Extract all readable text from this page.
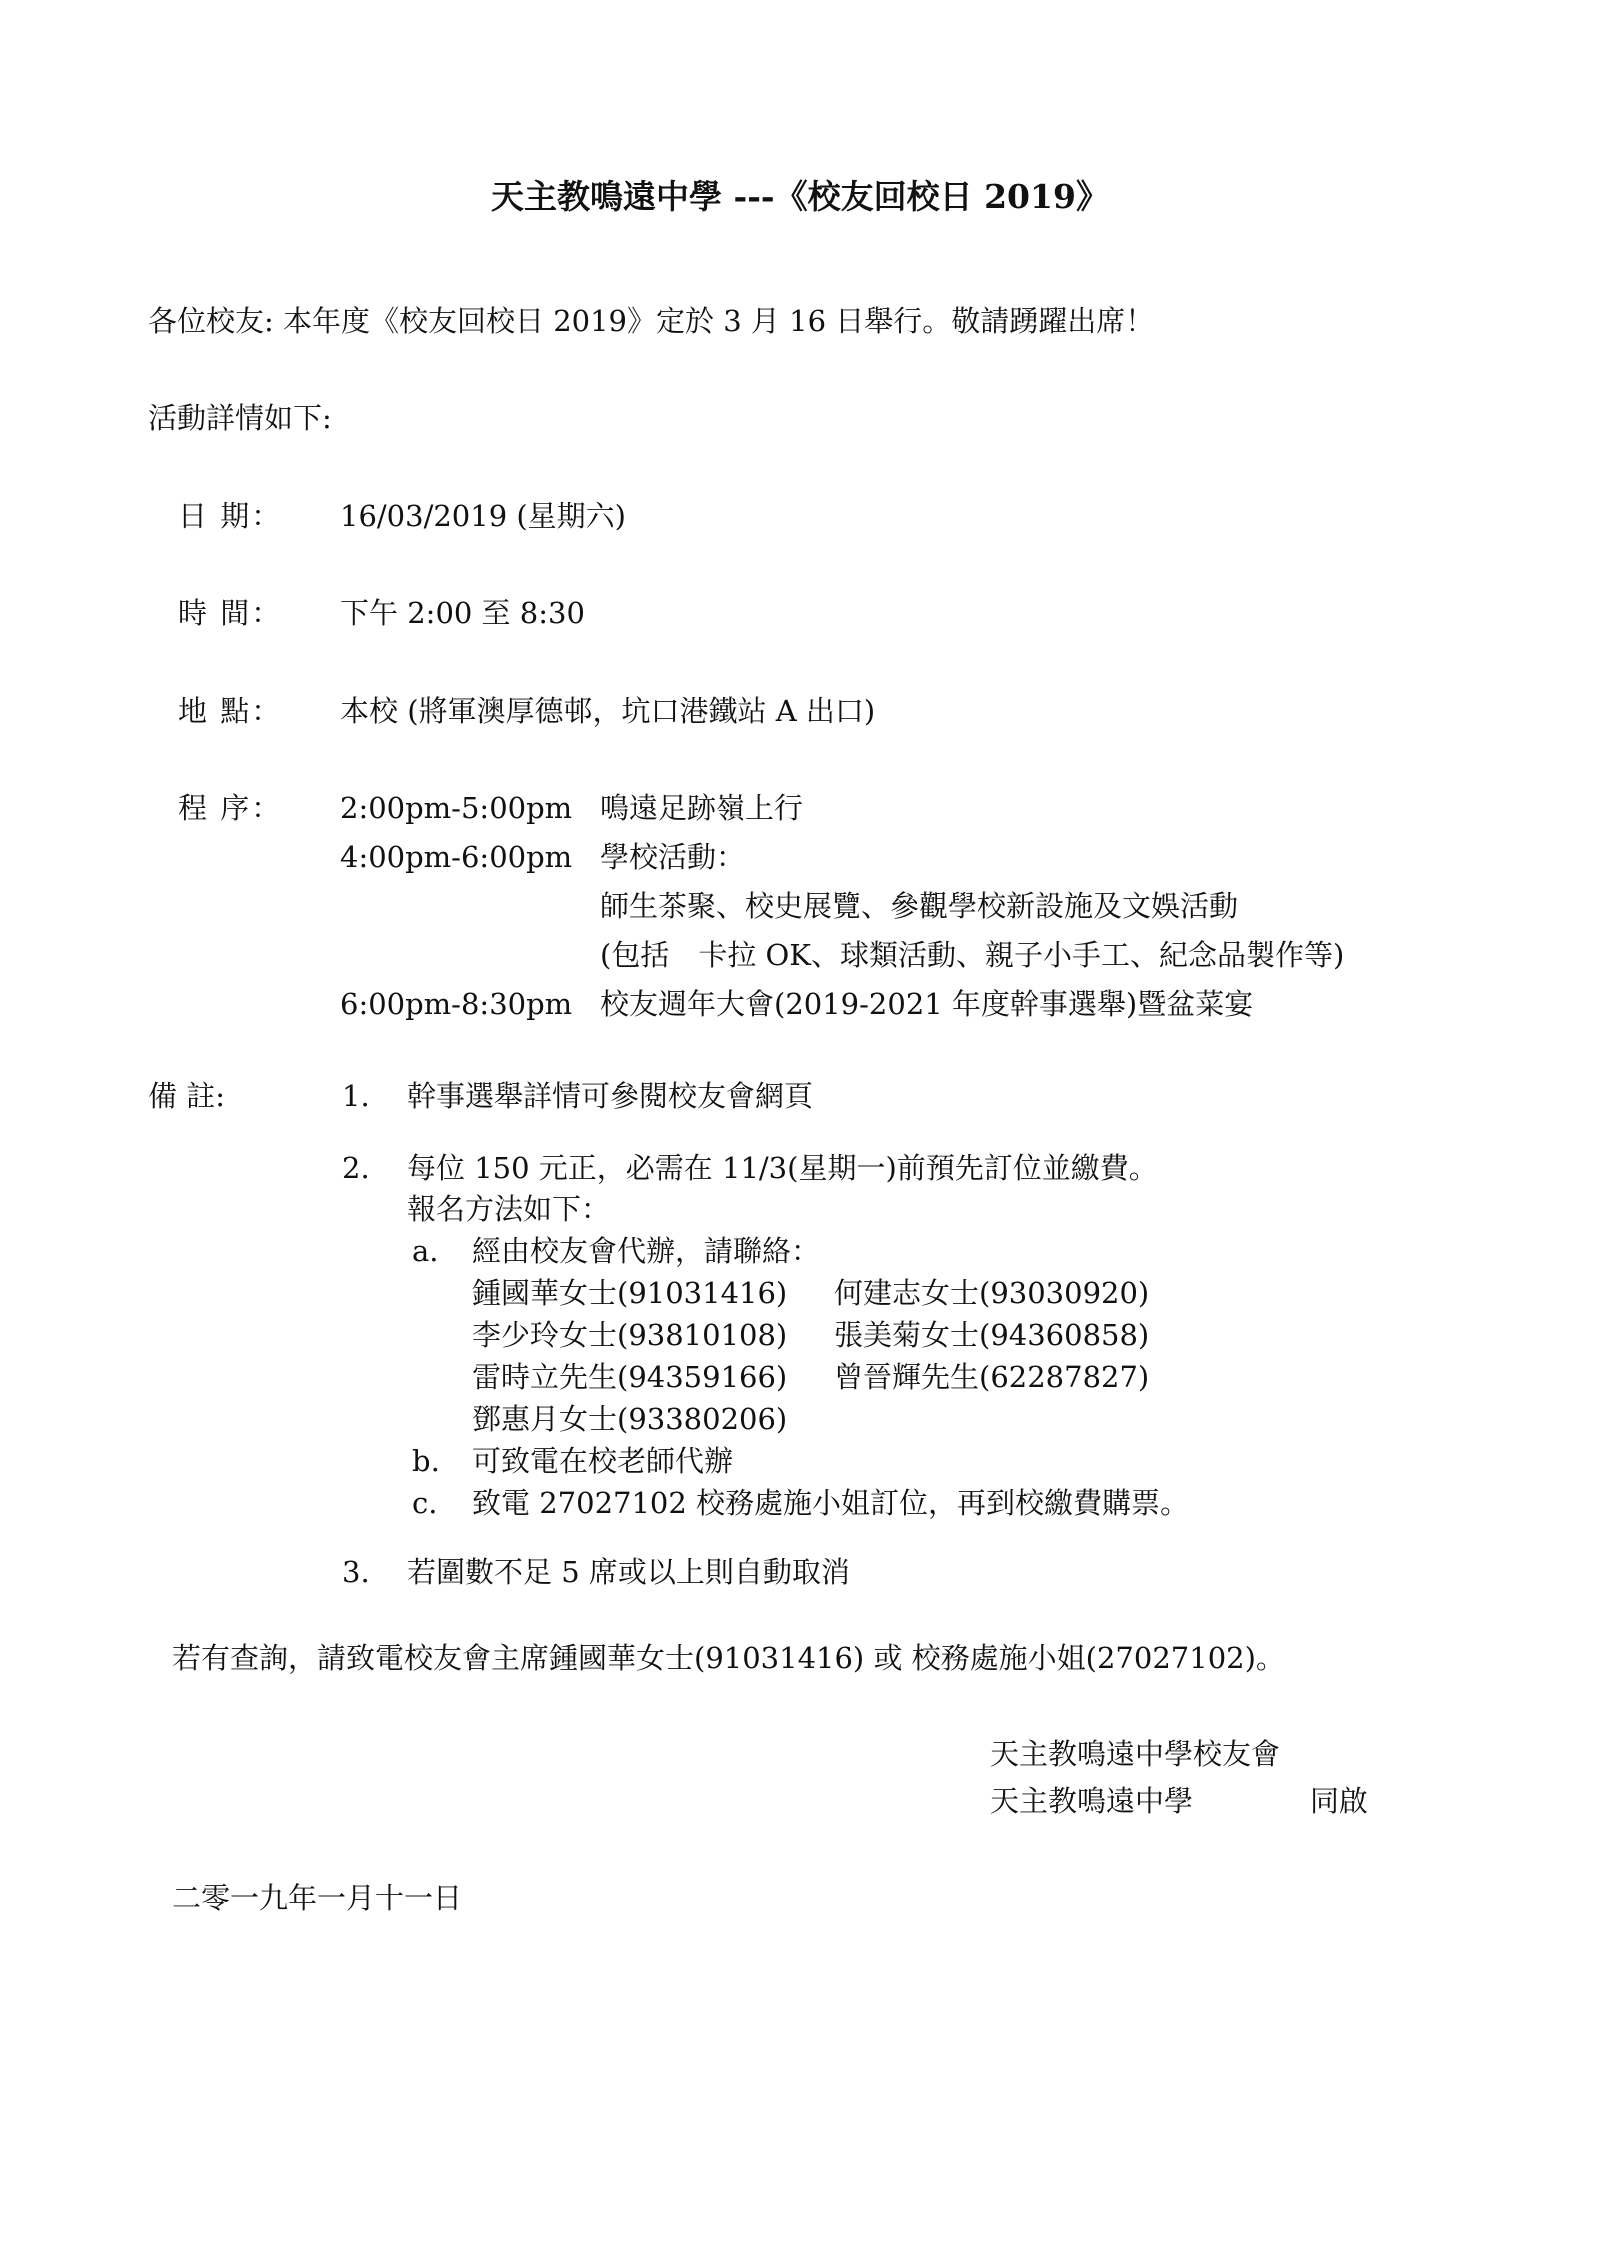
天主教鳴遠中學 ---《校友回校日 2019》
各位校友: 本年度《校友回校日 2019》定於 3 月 16 日舉行。敬請踴躍出席！
活動詳情如下:
日 期： 16/03/2019 (星期六)
時 間： 下午 2:00 至 8:30
地 點： 本校 (將軍澳厚德邨，坑口港鐵站 A 出口)
程 序： 2:00pm-5:00pm 鳴遠足跡嶺上行
4:00pm-6:00pm 學校活動：
師生茶聚、校史展覽、參觀學校新設施及文娛活動
(包括　卡拉 OK、球類活動、親子小手工、紀念品製作等)
6:00pm-8:30pm 校友週年大會(2019-2021 年度幹事選舉)暨盆菜宴
備 註:	1. 幹事選舉詳情可參閱校友會網頁
2. 每位 150 元正，必需在 11/3(星期一)前預先訂位並繳費。
報名方法如下：
a. 經由校友會代辦，請聯絡：
鍾國華女士(91031416) 何建志女士(93030920)
李少玲女士(93810108) 張美菊女士(94360858)
雷時立先生(94359166) 曾晉輝先生(62287827)
鄧惠月女士(93380206)
b. 可致電在校老師代辦
c. 致電 27027102 校務處施小姐訂位，再到校繳費購票。
3. 若圍數不足 5 席或以上則自動取消
若有查詢，請致電校友會主席鍾國華女士(91031416) 或 校務處施小姐(27027102)。
天主教鳴遠中學校友會
天主教鳴遠中學	同啟
二零一九年一月十一日
